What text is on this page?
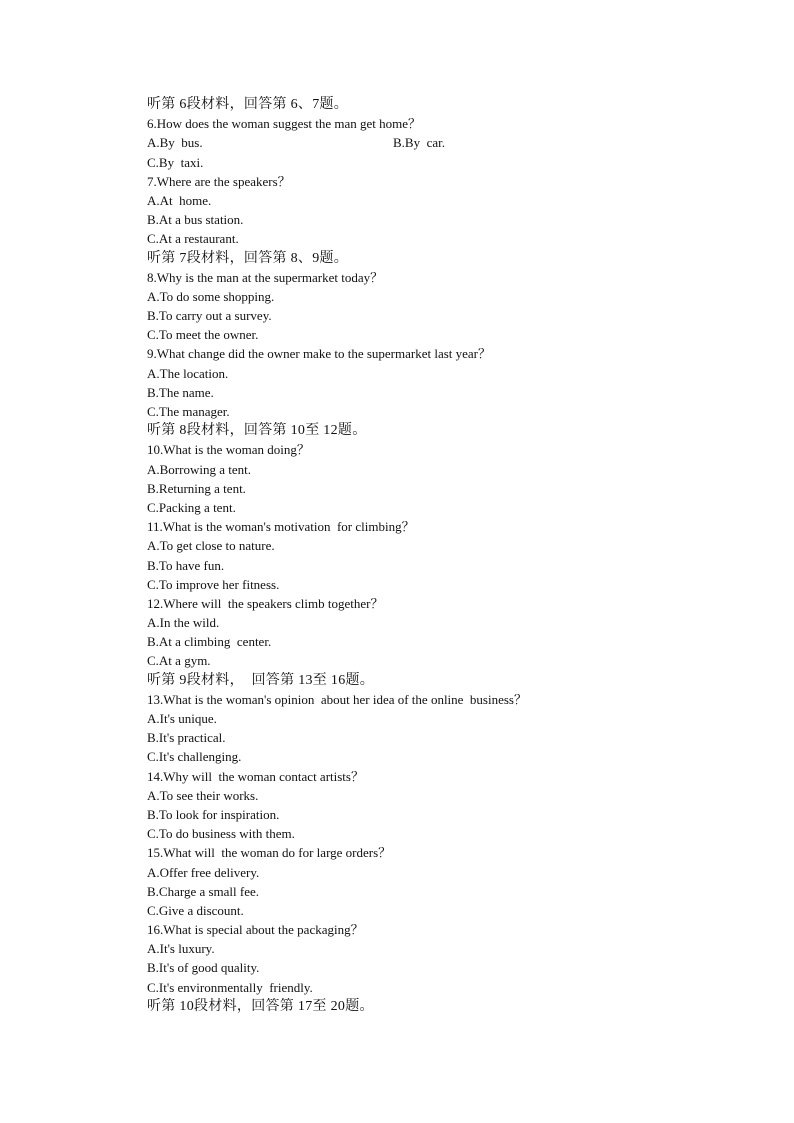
听第 6段材料，回答第 6、7题。
6.How does the woman suggest the man get home？
A.By  bus.	B.By  car.
C.By  taxi.
7.Where are the speakers？
A.At  home.
B.At a bus station.
C.At a restaurant.
听第 7段材料，回答第 8、9题。
8.Why is the man at the supermarket today？
A.To do some shopping.
B.To carry out a survey.
C.To meet the owner.
9.What change did the owner make to the supermarket last year？
A.The location.
B.The name.
C.The manager.
听第 8段材料，回答第 10至 12题。
10.What is the woman doing？
A.Borrowing a tent.
B.Returning a tent.
C.Packing a tent.
11.What is the woman's motivation  for climbing？
A.To get close to nature.
B.To have fun.
C.To improve her fitness.
12.Where will  the speakers climb together？
A.In the wild.
B.At a climbing  center.
C.At a gym.
听第 9段材料，  回答第 13至 16题。
13.What is the woman's opinion  about her idea of the online  business？
A.It's unique.
B.It's practical.
C.It's challenging.
14.Why will  the woman contact artists？
A.To see their works.
B.To look for inspiration.
C.To do business with them.
15.What will  the woman do for large orders？
A.Offer free delivery.
B.Charge a small fee.
C.Give a discount.
16.What is special about the packaging？
A.It's luxury.
B.It's of good quality.
C.It's environmentally  friendly.
听第 10段材料，回答第 17至 20题。
